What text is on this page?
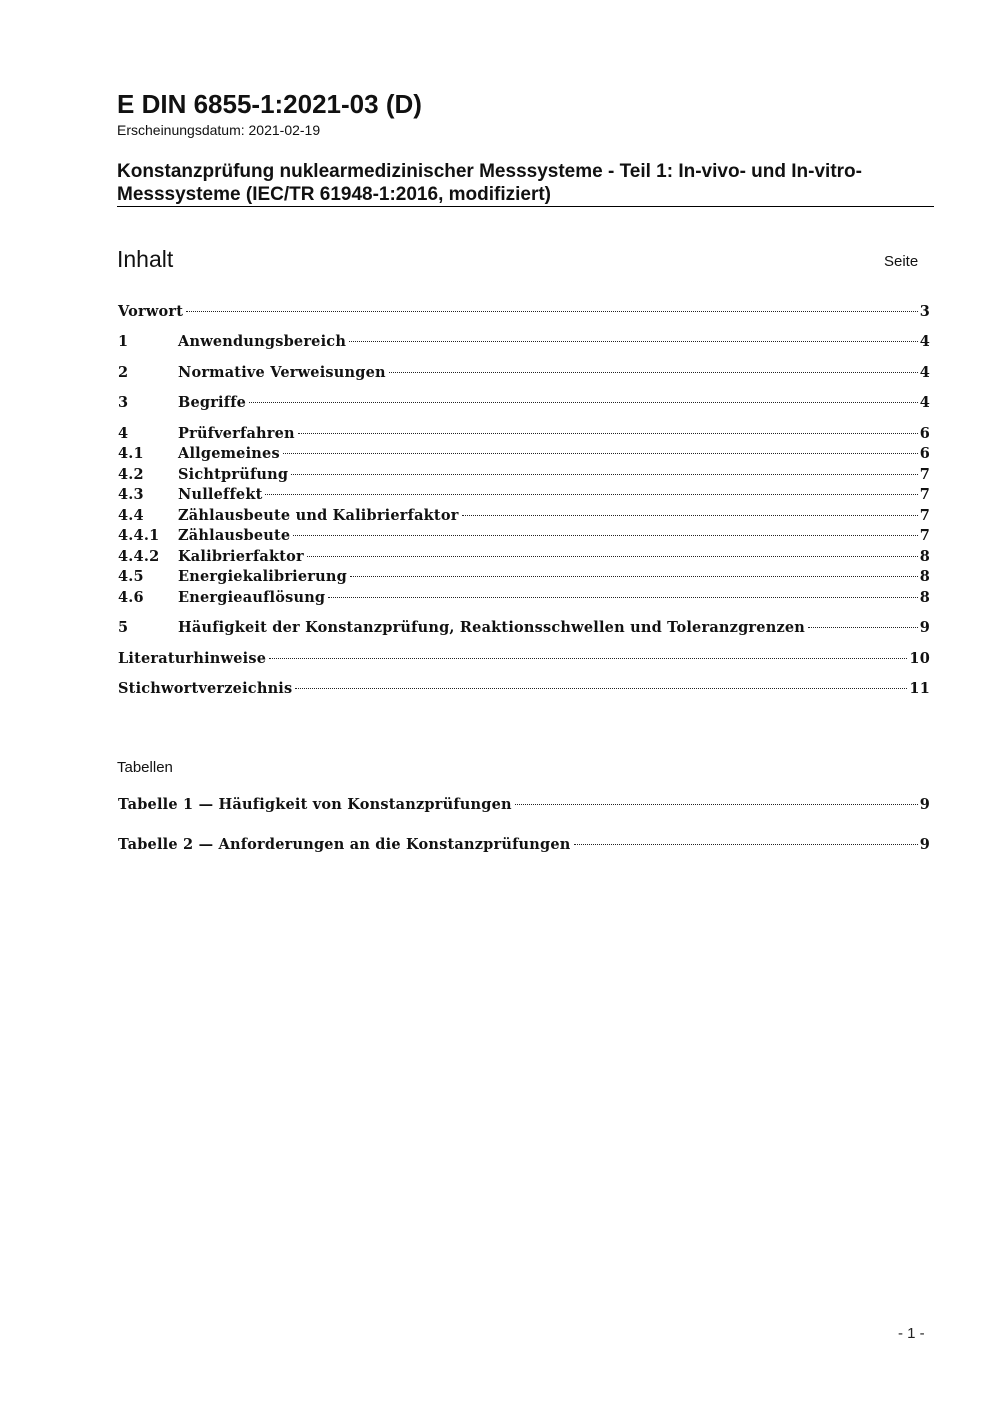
E DIN 6855-1:2021-03 (D)
Erscheinungsdatum: 2021-02-19
Konstanzprüfung nuklearmedizinischer Messsysteme - Teil 1: In-vivo- und In-vitro-
Messsysteme (IEC/TR 61948-1:2016, modifiziert)
Inhalt	Seite
Vorwort	3
1	Anwendungsbereich	4
2	Normative Verweisungen	4
3	Begriffe	4
4	Prüfverfahren	6
4.1	Allgemeines	6
4.2	Sichtprüfung	7
4.3	Nulleffekt	7
4.4	Zählausbeute und Kalibrierfaktor	7
4.4.1	Zählausbeute	7
4.4.2	Kalibrierfaktor	8
4.5	Energiekalibrierung	8
4.6	Energieauflösung	8
5	Häufigkeit der Konstanzprüfung, Reaktionsschwellen und Toleranzgrenzen	9
Literaturhinweise	10
Stichwortverzeichnis	11
Tabellen
Tabelle 1 — Häufigkeit von Konstanzprüfungen	9
Tabelle 2 — Anforderungen an die Konstanzprüfungen	9
- 1 -
